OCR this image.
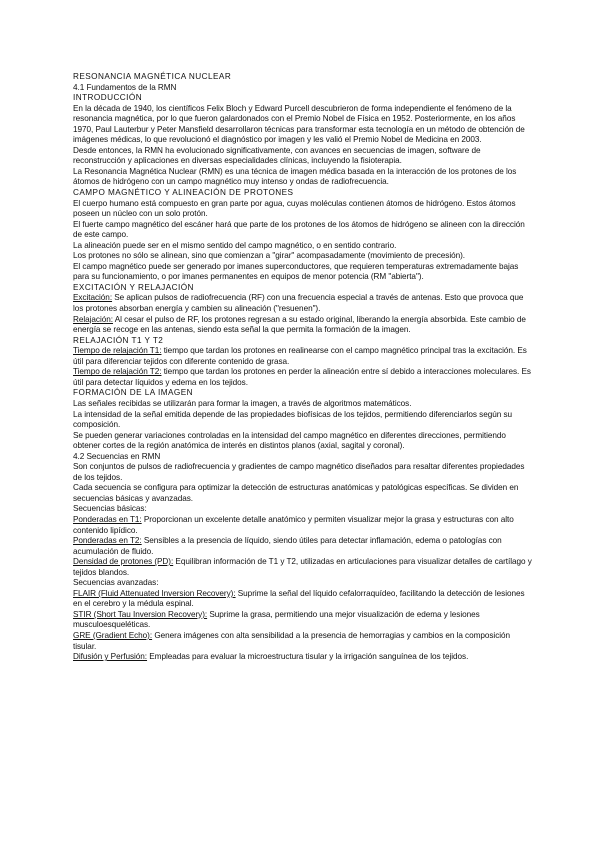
RESONANCIA MAGNÉTICA NUCLEAR

4.1 Fundamentos de la RMN

INTRODUCCIÓN

En la década de 1940, los científicos Felix Bloch y Edward Purcell descubrieron de forma independiente el fenómeno de la resonancia magnética, por lo que fueron galardonados con el Premio Nobel de Física en 1952. Posteriormente, en los años 1970, Paul Lauterbur y Peter Mansfield desarrollaron técnicas para transformar esta tecnología en un método de obtención de imágenes médicas, lo que revolucionó el diagnóstico por imagen y les valió el Premio Nobel de Medicina en 2003.

Desde entonces, la RMN ha evolucionado significativamente, con avances en secuencias de imagen, software de reconstrucción y aplicaciones en diversas especialidades clínicas, incluyendo la fisioterapia.

La Resonancia Magnética Nuclear (RMN) es una técnica de imagen médica basada en la interacción de los protones de los átomos de hidrógeno con un campo magnético muy intenso y ondas de radiofrecuencia.

CAMPO MAGNÉTICO Y ALINEACIÓN DE PROTONES

El cuerpo humano está compuesto en gran parte por agua, cuyas moléculas contienen átomos de hidrógeno. Estos átomos poseen un núcleo con un solo protón.

El fuerte campo magnético del escáner hará que parte de los protones de los átomos de hidrógeno se alineen con la dirección de este campo.

La alineación puede ser en el mismo sentido del campo magnético, o en sentido contrario.

Los protones no sólo se alinean, sino que comienzan a "girar" acompasadamente (movimiento de precesión).

El campo magnético puede ser generado por imanes superconductores, que requieren temperaturas extremadamente bajas para su funcionamiento, o por imanes permanentes en equipos de menor potencia (RM "abierta").

EXCITACIÓN Y RELAJACIÓN

Excitación: Se aplican pulsos de radiofrecuencia (RF) con una frecuencia especial a través de antenas. Esto que provoca que los protones absorban energía y cambien su alineación ("resuenen").

Relajación: Al cesar el pulso de RF, los protones regresan a su estado original, liberando la energía absorbida. Este cambio de energía se recoge en las antenas, siendo esta señal la que permita la formación de la imagen.

RELAJACIÓN T1 Y T2

Tiempo de relajación T1: tiempo que tardan los protones en realinearse con el campo magnético principal tras la excitación. Es útil para diferenciar tejidos con diferente contenido de grasa.

Tiempo de relajación T2: tiempo que tardan los protones en perder la alineación entre sí debido a interacciones moleculares. Es útil para detectar líquidos y edema en los tejidos.

FORMACIÓN DE LA IMAGEN

Las señales recibidas se utilizarán para formar la imagen, a través de algoritmos matemáticos.

La intensidad de la señal emitida depende de las propiedades biofísicas de los tejidos, permitiendo diferenciarlos según su composición.

Se pueden generar variaciones controladas en la intensidad del campo magnético en diferentes direcciones, permitiendo obtener cortes de la región anatómica de interés en distintos planos (axial, sagital y coronal).

4.2 Secuencias en RMN

Son conjuntos de pulsos de radiofrecuencia y gradientes de campo magnético diseñados para resaltar diferentes propiedades de los tejidos.

Cada secuencia se configura para optimizar la detección de estructuras anatómicas y patológicas específicas. Se dividen en secuencias básicas y avanzadas.

Secuencias básicas:

Ponderadas en T1: Proporcionan un excelente detalle anatómico y permiten visualizar mejor la grasa y estructuras con alto contenido lipídico.

Ponderadas en T2: Sensibles a la presencia de líquido, siendo útiles para detectar inflamación, edema o patologías con acumulación de fluido.

Densidad de protones (PD): Equilibran información de T1 y T2, utilizadas en articulaciones para visualizar detalles de cartílago y tejidos blandos.

Secuencias avanzadas:

FLAIR (Fluid Attenuated Inversion Recovery): Suprime la señal del líquido cefalorraquídeo, facilitando la detección de lesiones en el cerebro y la médula espinal.

STIR (Short Tau Inversion Recovery): Suprime la grasa, permitiendo una mejor visualización de edema y lesiones musculoesqueléticas.

GRE (Gradient Echo): Genera imágenes con alta sensibilidad a la presencia de hemorragias y cambios en la composición tisular.

Difusión y Perfusión: Empleadas para evaluar la microestructura tisular y la irrigación sanguínea de los tejidos.
